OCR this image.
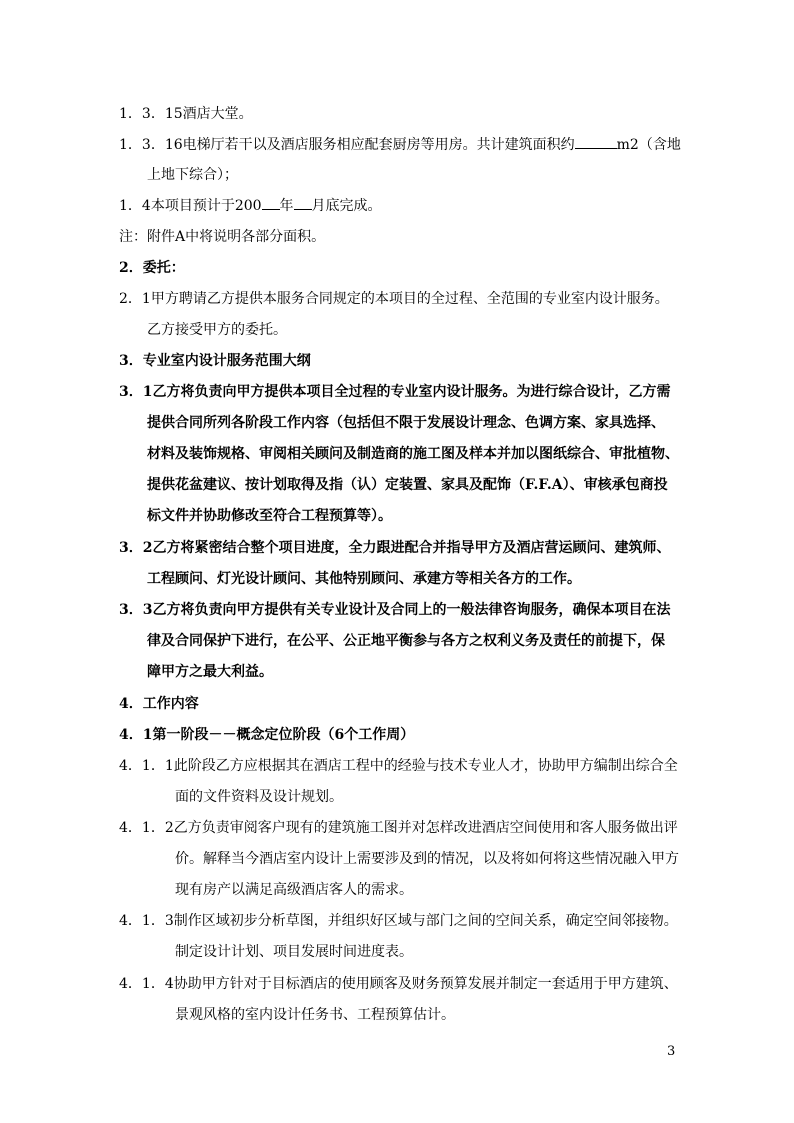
1．3．15酒店大堂。
1．3．16电梯厅若干以及酒店服务相应配套厨房等用房。共计建筑面积约	m2（含地
上地下综合）；
1．4本项目预计于200 年 月底完成。
注：附件A中将说明各部分面积。
2．委托：
2．1甲方聘请乙方提供本服务合同规定的本项目的全过程、全范围的专业室内设计服务。
乙方接受甲方的委托。
3．专业室内设计服务范围大纲
3．1乙方将负责向甲方提供本项目全过程的专业室内设计服务。为进行综合设计，乙方需
提供合同所列各阶段工作内容（包括但不限于发展设计理念、色调方案、家具选择、
材料及装饰规格、审阅相关顾问及制造商的施工图及样本并加以图纸综合、审批植物、
提供花盆建议、按计划取得及指（认）定装置、家具及配饰（F.F.A）、审核承包商投
标文件并协助修改至符合工程预算等）。
3．2乙方将紧密结合整个项目进度，全力跟进配合并指导甲方及酒店营运顾问、建筑师、
工程顾问、灯光设计顾问、其他特别顾问、承建方等相关各方的工作。
3．3乙方将负责向甲方提供有关专业设计及合同上的一般法律咨询服务，确保本项目在法
律及合同保护下进行，在公平、公正地平衡参与各方之权利义务及责任的前提下，保
障甲方之最大利益。
4．工作内容
4．1第一阶段－－概念定位阶段（6个工作周）
4．1．1此阶段乙方应根据其在酒店工程中的经验与技术专业人才，协助甲方编制出综合全
面的文件资料及设计规划。
4．1．2乙方负责审阅客户现有的建筑施工图并对怎样改进酒店空间使用和客人服务做出评
价。解释当今酒店室内设计上需要涉及到的情况，以及将如何将这些情况融入甲方
现有房产以满足高级酒店客人的需求。
4．1．3制作区域初步分析草图，并组织好区域与部门之间的空间关系，确定空间邻接物。
制定设计计划、项目发展时间进度表。
4．1．4协助甲方针对于目标酒店的使用顾客及财务预算发展并制定一套适用于甲方建筑、
景观风格的室内设计任务书、工程预算估计。
3
